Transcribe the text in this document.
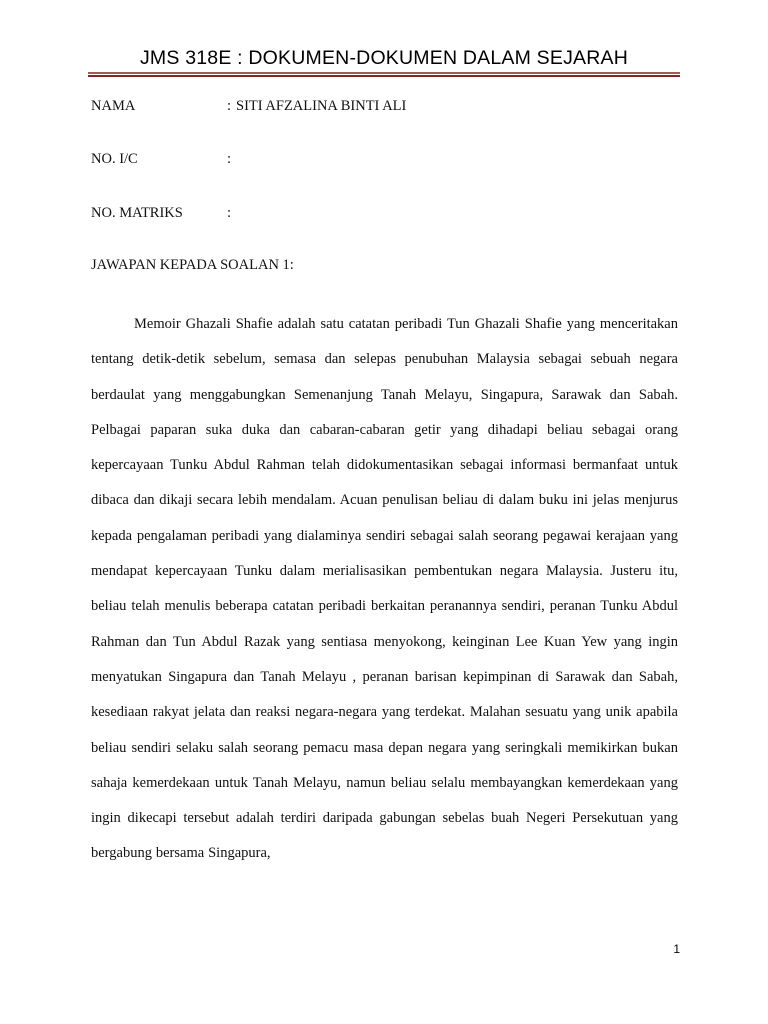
JMS 318E : DOKUMEN-DOKUMEN DALAM SEJARAH
NAMA	: SITI AFZALINA BINTI ALI
NO. I/C	:
NO. MATRIKS	:
JAWAPAN KEPADA SOALAN 1:

Memoir Ghazali Shafie adalah satu catatan peribadi Tun Ghazali Shafie yang menceritakan tentang detik-detik sebelum, semasa dan selepas penubuhan Malaysia sebagai sebuah negara berdaulat yang menggabungkan Semenanjung Tanah Melayu, Singapura, Sarawak dan Sabah. Pelbagai paparan suka duka dan cabaran-cabaran getir yang dihadapi beliau sebagai orang kepercayaan Tunku Abdul Rahman telah didokumentasikan sebagai informasi bermanfaat untuk dibaca dan dikaji secara lebih mendalam. Acuan penulisan beliau di dalam buku ini jelas menjurus kepada pengalaman peribadi yang dialaminya sendiri sebagai salah seorang pegawai kerajaan yang mendapat kepercayaan Tunku dalam merialisasikan pembentukan negara Malaysia. Justeru itu, beliau telah menulis beberapa catatan peribadi berkaitan peranannya sendiri, peranan Tunku Abdul Rahman dan Tun Abdul Razak yang sentiasa menyokong, keinginan Lee Kuan Yew yang ingin menyatukan Singapura dan Tanah Melayu , peranan barisan kepimpinan di Sarawak dan Sabah, kesediaan rakyat jelata dan reaksi negara-negara yang terdekat. Malahan sesuatu yang unik apabila beliau sendiri selaku salah seorang pemacu masa depan negara yang seringkali memikirkan bukan sahaja kemerdekaan untuk Tanah Melayu, namun beliau selalu membayangkan kemerdekaan yang ingin dikecapi tersebut adalah terdiri daripada gabungan sebelas buah Negeri Persekutuan yang bergabung bersama Singapura,

1
